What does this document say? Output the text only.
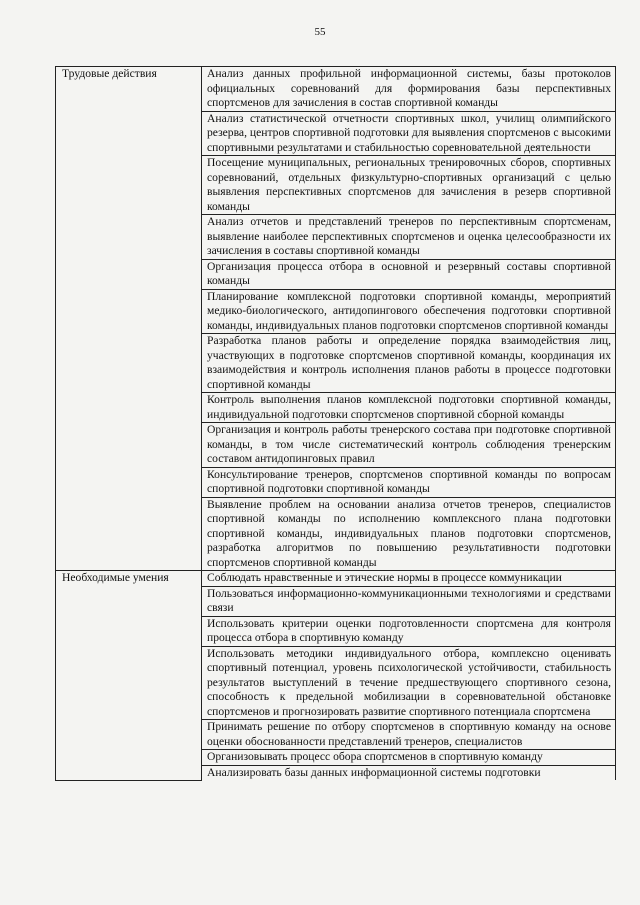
55
Трудовые действия	Анализ данных профильной информационной системы, базы протоколов официальных соревнований для формирования базы перспективных спортсменов для зачисления в состав спортивной команды
	Анализ статистической отчетности спортивных школ, училищ олимпийского резерва, центров спортивной подготовки для выявления спортсменов с высокими спортивными результатами и стабильностью соревновательной деятельности
	Посещение муниципальных, региональных тренировочных сборов, спортивных соревнований, отдельных физкультурно-спортивных организаций с целью выявления перспективных спортсменов для зачисления в резерв спортивной команды
	Анализ отчетов и представлений тренеров по перспективным спортсменам, выявление наиболее перспективных спортсменов и оценка целесообразности их зачисления в составы спортивной команды
	Организация процесса отбора в основной и резервный составы спортивной команды
	Планирование комплексной подготовки спортивной команды, мероприятий медико-биологического, антидопингового обеспечения подготовки спортивной команды, индивидуальных планов подготовки спортсменов спортивной команды
	Разработка планов работы и определение порядка взаимодействия лиц, участвующих в подготовке спортсменов спортивной команды, координация их взаимодействия и контроль исполнения планов работы в процессе подготовки спортивной команды
	Контроль выполнения планов комплексной подготовки спортивной команды, индивидуальной подготовки спортсменов спортивной сборной команды
	Организация и контроль работы тренерского состава при подготовке спортивной команды, в том числе систематический контроль соблюдения тренерским составом антидопинговых правил
	Консультирование тренеров, спортсменов спортивной команды по вопросам спортивной подготовки спортивной команды
	Выявление проблем на основании анализа отчетов тренеров, специалистов спортивной команды по исполнению комплексного плана подготовки спортивной команды, индивидуальных планов подготовки спортсменов, разработка алгоритмов по повышению результативности подготовки спортсменов спортивной команды
Необходимые умения	Соблюдать нравственные и этические нормы в процессе коммуникации
	Пользоваться информационно-коммуникационными технологиями и средствами связи
	Использовать критерии оценки подготовленности спортсмена для контроля процесса отбора в спортивную команду
	Использовать методики индивидуального отбора, комплексно оценивать спортивный потенциал, уровень психологической устойчивости, стабильность результатов выступлений в течение предшествующего спортивного сезона, способность к предельной мобилизации в соревновательной обстановке спортсменов и прогнозировать развитие спортивного потенциала спортсмена
	Принимать решение по отбору спортсменов в спортивную команду на основе оценки обоснованности представлений тренеров, специалистов
	Организовывать процесс обора спортсменов в спортивную команду
	Анализировать базы данных информационной системы подготовки
